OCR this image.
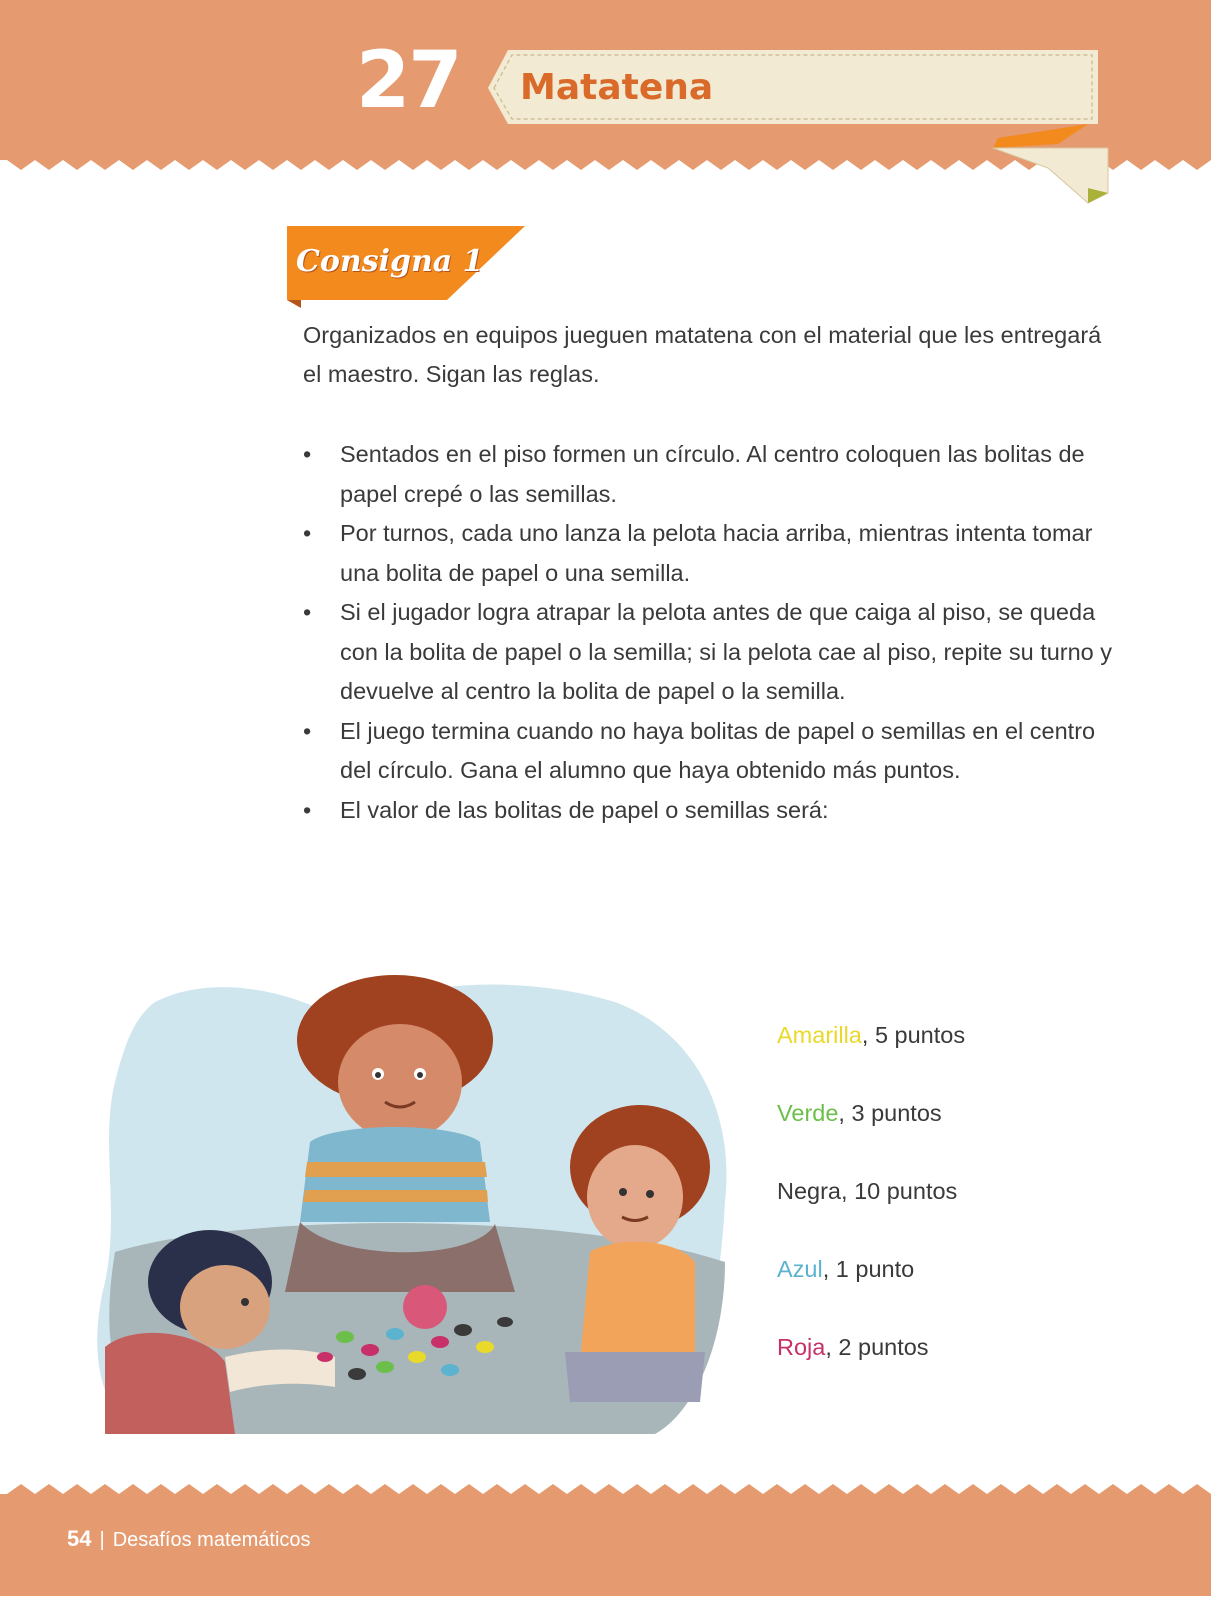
27 Matatena
Consigna 1
Organizados en equipos jueguen matatena con el material que les entregará el maestro. Sigan las reglas.
• Sentados en el piso formen un círculo. Al centro coloquen las bolitas de papel crepé o las semillas.
• Por turnos, cada uno lanza la pelota hacia arriba, mientras intenta tomar una bolita de papel o una semilla.
• Si el jugador logra atrapar la pelota antes de que caiga al piso, se queda con la bolita de papel o la semilla; si la pelota cae al piso, repite su turno y devuelve al centro la bolita de papel o la semilla.
• El juego termina cuando no haya bolitas de papel o semillas en el centro del círculo. Gana el alumno que haya obtenido más puntos.
• El valor de las bolitas de papel o semillas será:
Amarilla, 5 puntos
Verde, 3 puntos
Negra, 10 puntos
Azul, 1 punto
Roja, 2 puntos
54 | Desafíos matemáticos
